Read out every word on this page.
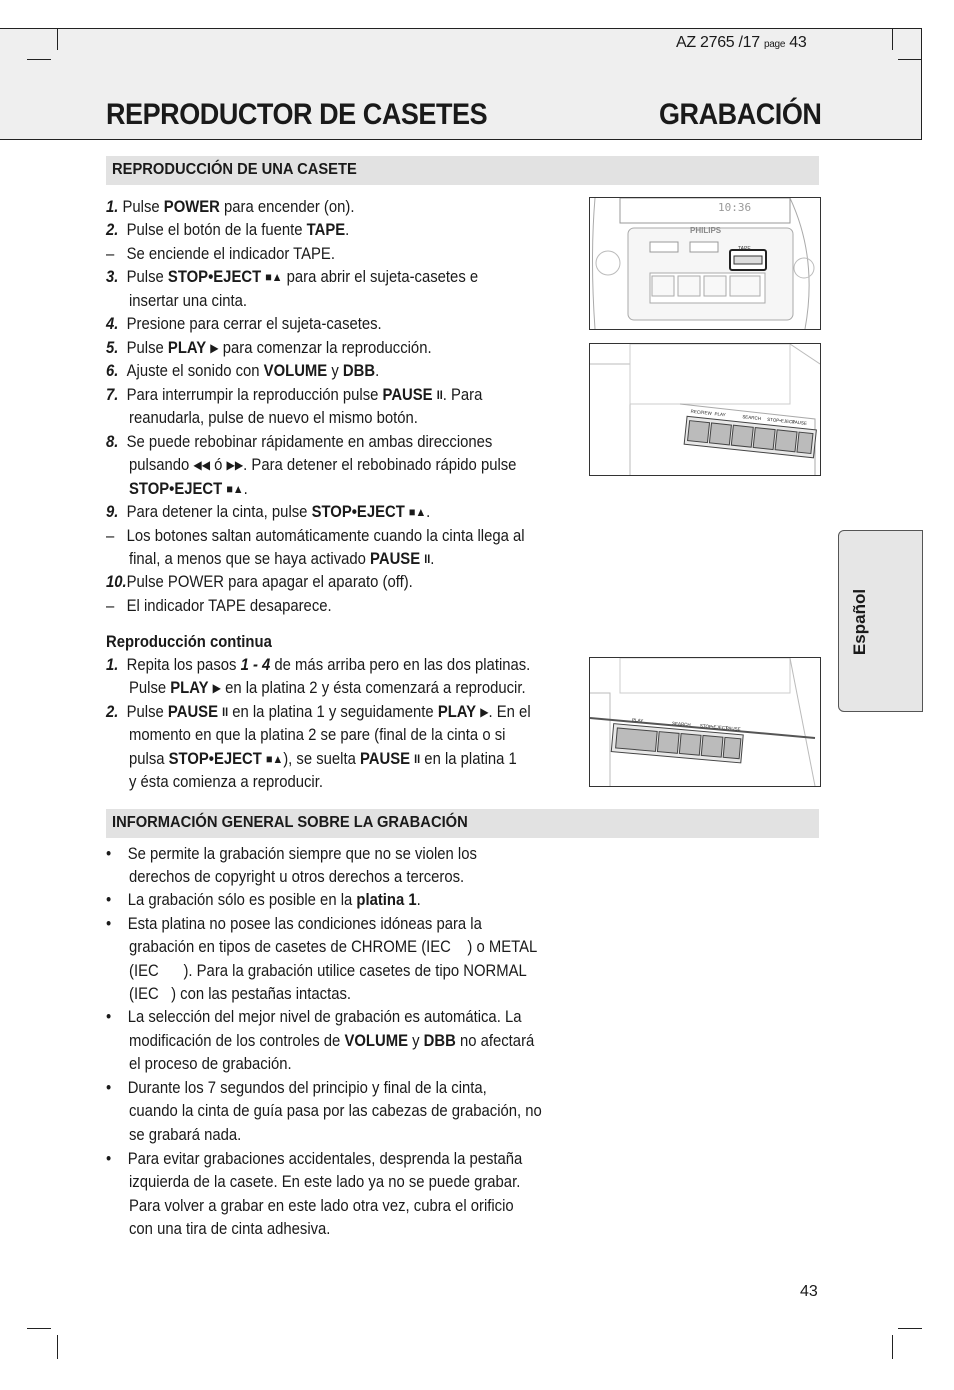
AZ 2765 /17 page 43
REPRODUCTOR DE CASETES	GRABACIÓN
REPRODUCCIÓN DE UNA CASETE
1. Pulse POWER para encender (on).
2.  Pulse el botón de la fuente TAPE.
–   Se enciende el indicador TAPE.
3.  Pulse STOP•EJECT ■▲ para abrir el sujeta-casetes e
insertar una cinta.
4.  Presione para cerrar el sujeta-casetes.
5.  Pulse PLAY ▶ para comenzar la reproducción.
6.  Ajuste el sonido con VOLUME y DBB.
7.  Para interrumpir la reproducción pulse PAUSE II. Para
reanudarla, pulse de nuevo el mismo botón.
8.  Se puede rebobinar rápidamente en ambas direcciones
pulsando ◀◀ ó ▶▶. Para detener el rebobinado rápido pulse
STOP•EJECT ■▲.
9.  Para detener la cinta, pulse STOP•EJECT ■▲.
–   Los botones saltan automáticamente cuando la cinta llega al
final, a menos que se haya activado PAUSE II.
10.Pulse POWER para apagar el aparato (off).
–   El indicador TAPE desaparece.
Reproducción continua
1.  Repita los pasos 1 - 4 de más arriba pero en las dos platinas.
Pulse PLAY ▶ en la platina 2 y ésta comenzará a reproducir.
2.  Pulse PAUSE II en la platina 1 y seguidamente PLAY ▶. En el
momento en que la platina 2 se pare (final de la cinta o si
pulsa STOP•EJECT ■▲), se suelta PAUSE II en la platina 1
y ésta comienza a reproducir.
INFORMACIÓN GENERAL SOBRE LA GRABACIÓN
•    Se permite la grabación siempre que no se violen los
derechos de copyright u otros derechos a terceros.
•    La grabación sólo es posible en la platina 1.
•    Esta platina no posee las condiciones idóneas para la
grabación en tipos de casetes de CHROME (IEC    ) o METAL
(IEC      ). Para la grabación utilice casetes de tipo NORMAL
(IEC   ) con las pestañas intactas.
•    La selección del mejor nivel de grabación es automática. La
modificación de los controles de VOLUME y DBB no afectará
el proceso de grabación.
•    Durante los 7 segundos del principio y final de la cinta,
cuando la cinta de guía pasa por las cabezas de grabación, no
se grabará nada.
•    Para evitar grabaciones accidentales, desprenda la pestaña
izquierda de la casete. En este lado ya no se puede grabar.
Para volver a grabar en este lado otra vez, cubra el orificio
con una tira de cinta adhesiva.
10:36
PHILIPS
TAPE
REC/REW PLAY	SEARCH STOP•EJECT
PAUSE
PLAY
SEARCH STOP•EJECT
PAUSE
Español
43
